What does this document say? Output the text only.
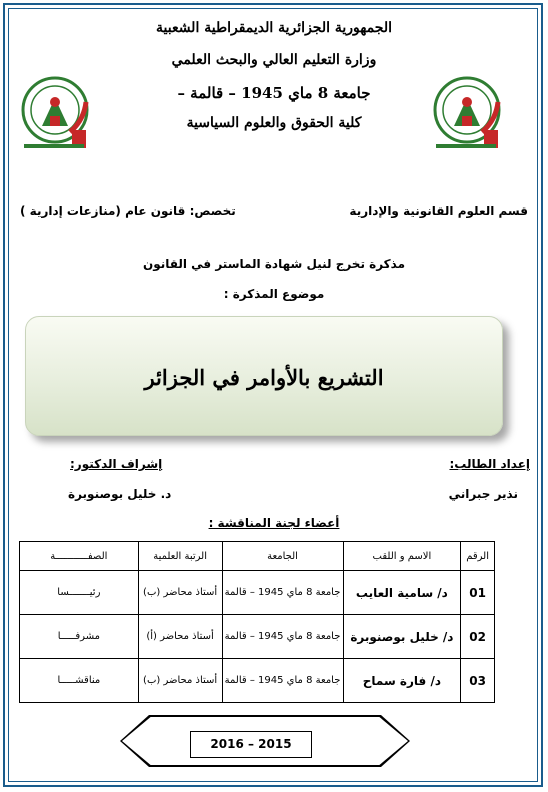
الجمهورية الجزائرية الديمقراطية الشعبية
وزارة التعليم العالي والبحث العلمي
جامعة 8 ماي 1945 – قالمة –
كلية الحقوق والعلوم السياسية
قسم العلوم القانونية والإدارية
تخصص: قانون عام (منازعات إدارية )
مذكرة تخرج لنيل شهادة الماستر في القانون
موضوع المذكرة :
التشريع بالأوامر في الجزائر
إعداد الطالب:
نذير جبراني
إشراف الدكتور:
د. خليل بوصنوبرة
أعضاء لجنة المناقشة :
الرقم	الاسم و اللقب	الجامعة	الرتبة العلمية	الصفـــــــــــة
01	د/ سامية العايب	جامعة 8 ماي 1945 – قالمة	أستاذ محاضر (ب)	رئيـــــــسا
02	د/ خليل بوصنوبرة	جامعة 8 ماي 1945 – قالمة	أستاذ محاضر (أ)	مشرفـــــا
03	د/ فارة سماح	جامعة 8 ماي 1945 – قالمة	أستاذ محاضر (ب)	مناقشـــــا
2016 – 2015
